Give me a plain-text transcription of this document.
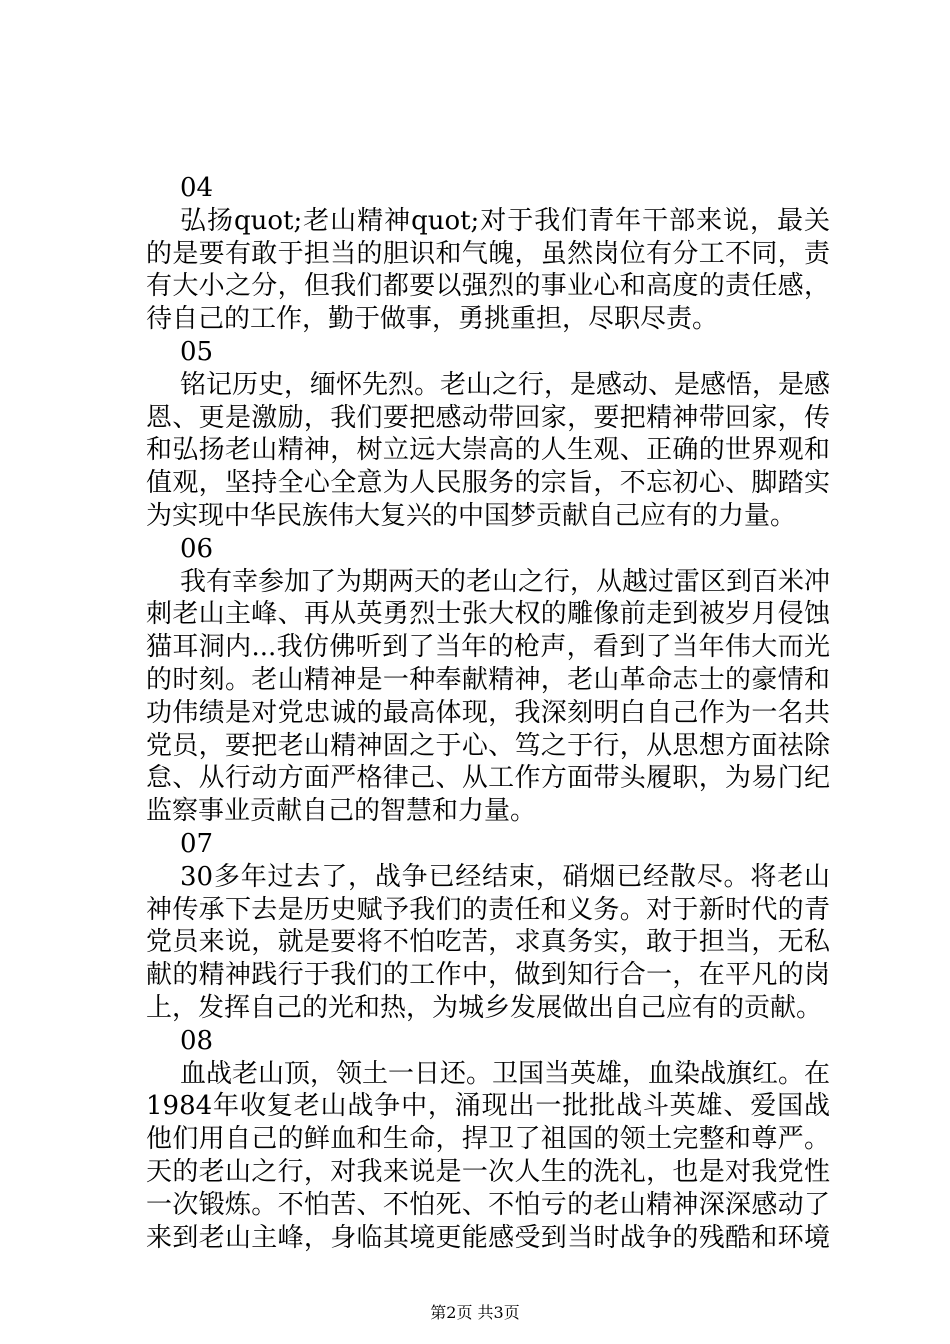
04
弘扬quot;老山精神quot;对于我们青年干部来说，最关
的是要有敢于担当的胆识和气魄，虽然岗位有分工不同，责
有大小之分，但我们都要以强烈的事业心和高度的责任感，
待自己的工作，勤于做事，勇挑重担，尽职尽责。
05
铭记历史，缅怀先烈。老山之行，是感动、是感悟，是感
恩、更是激励，我们要把感动带回家，要把精神带回家，传
和弘扬老山精神，树立远大崇高的人生观、正确的世界观和
值观，坚持全心全意为人民服务的宗旨，不忘初心、脚踏实
为实现中华民族伟大复兴的中国梦贡献自己应有的力量。
06
我有幸参加了为期两天的老山之行，从越过雷区到百米冲
刺老山主峰、再从英勇烈士张大权的雕像前走到被岁月侵蚀
猫耳洞内...我仿佛听到了当年的枪声，看到了当年伟大而光
的时刻。老山精神是一种奉献精神，老山革命志士的豪情和
功伟绩是对党忠诚的最高体现，我深刻明白自己作为一名共
党员，要把老山精神固之于心、笃之于行，从思想方面祛除
怠、从行动方面严格律己、从工作方面带头履职，为易门纪
监察事业贡献自己的智慧和力量。
07
30多年过去了，战争已经结束，硝烟已经散尽。将老山
神传承下去是历史赋予我们的责任和义务。对于新时代的青
党员来说，就是要将不怕吃苦，求真务实，敢于担当，无私
献的精神践行于我们的工作中，做到知行合一，在平凡的岗
上，发挥自己的光和热，为城乡发展做出自己应有的贡献。
08
血战老山顶，领土一日还。卫国当英雄，血染战旗红。在
1984年收复老山战争中，涌现出一批批战斗英雄、爱国战
他们用自己的鲜血和生命，捍卫了祖国的领土完整和尊严。
天的老山之行，对我来说是一次人生的洗礼，也是对我党性
一次锻炼。不怕苦、不怕死、不怕亏的老山精神深深感动了
来到老山主峰，身临其境更能感受到当时战争的残酷和环境
第2页 共3页
